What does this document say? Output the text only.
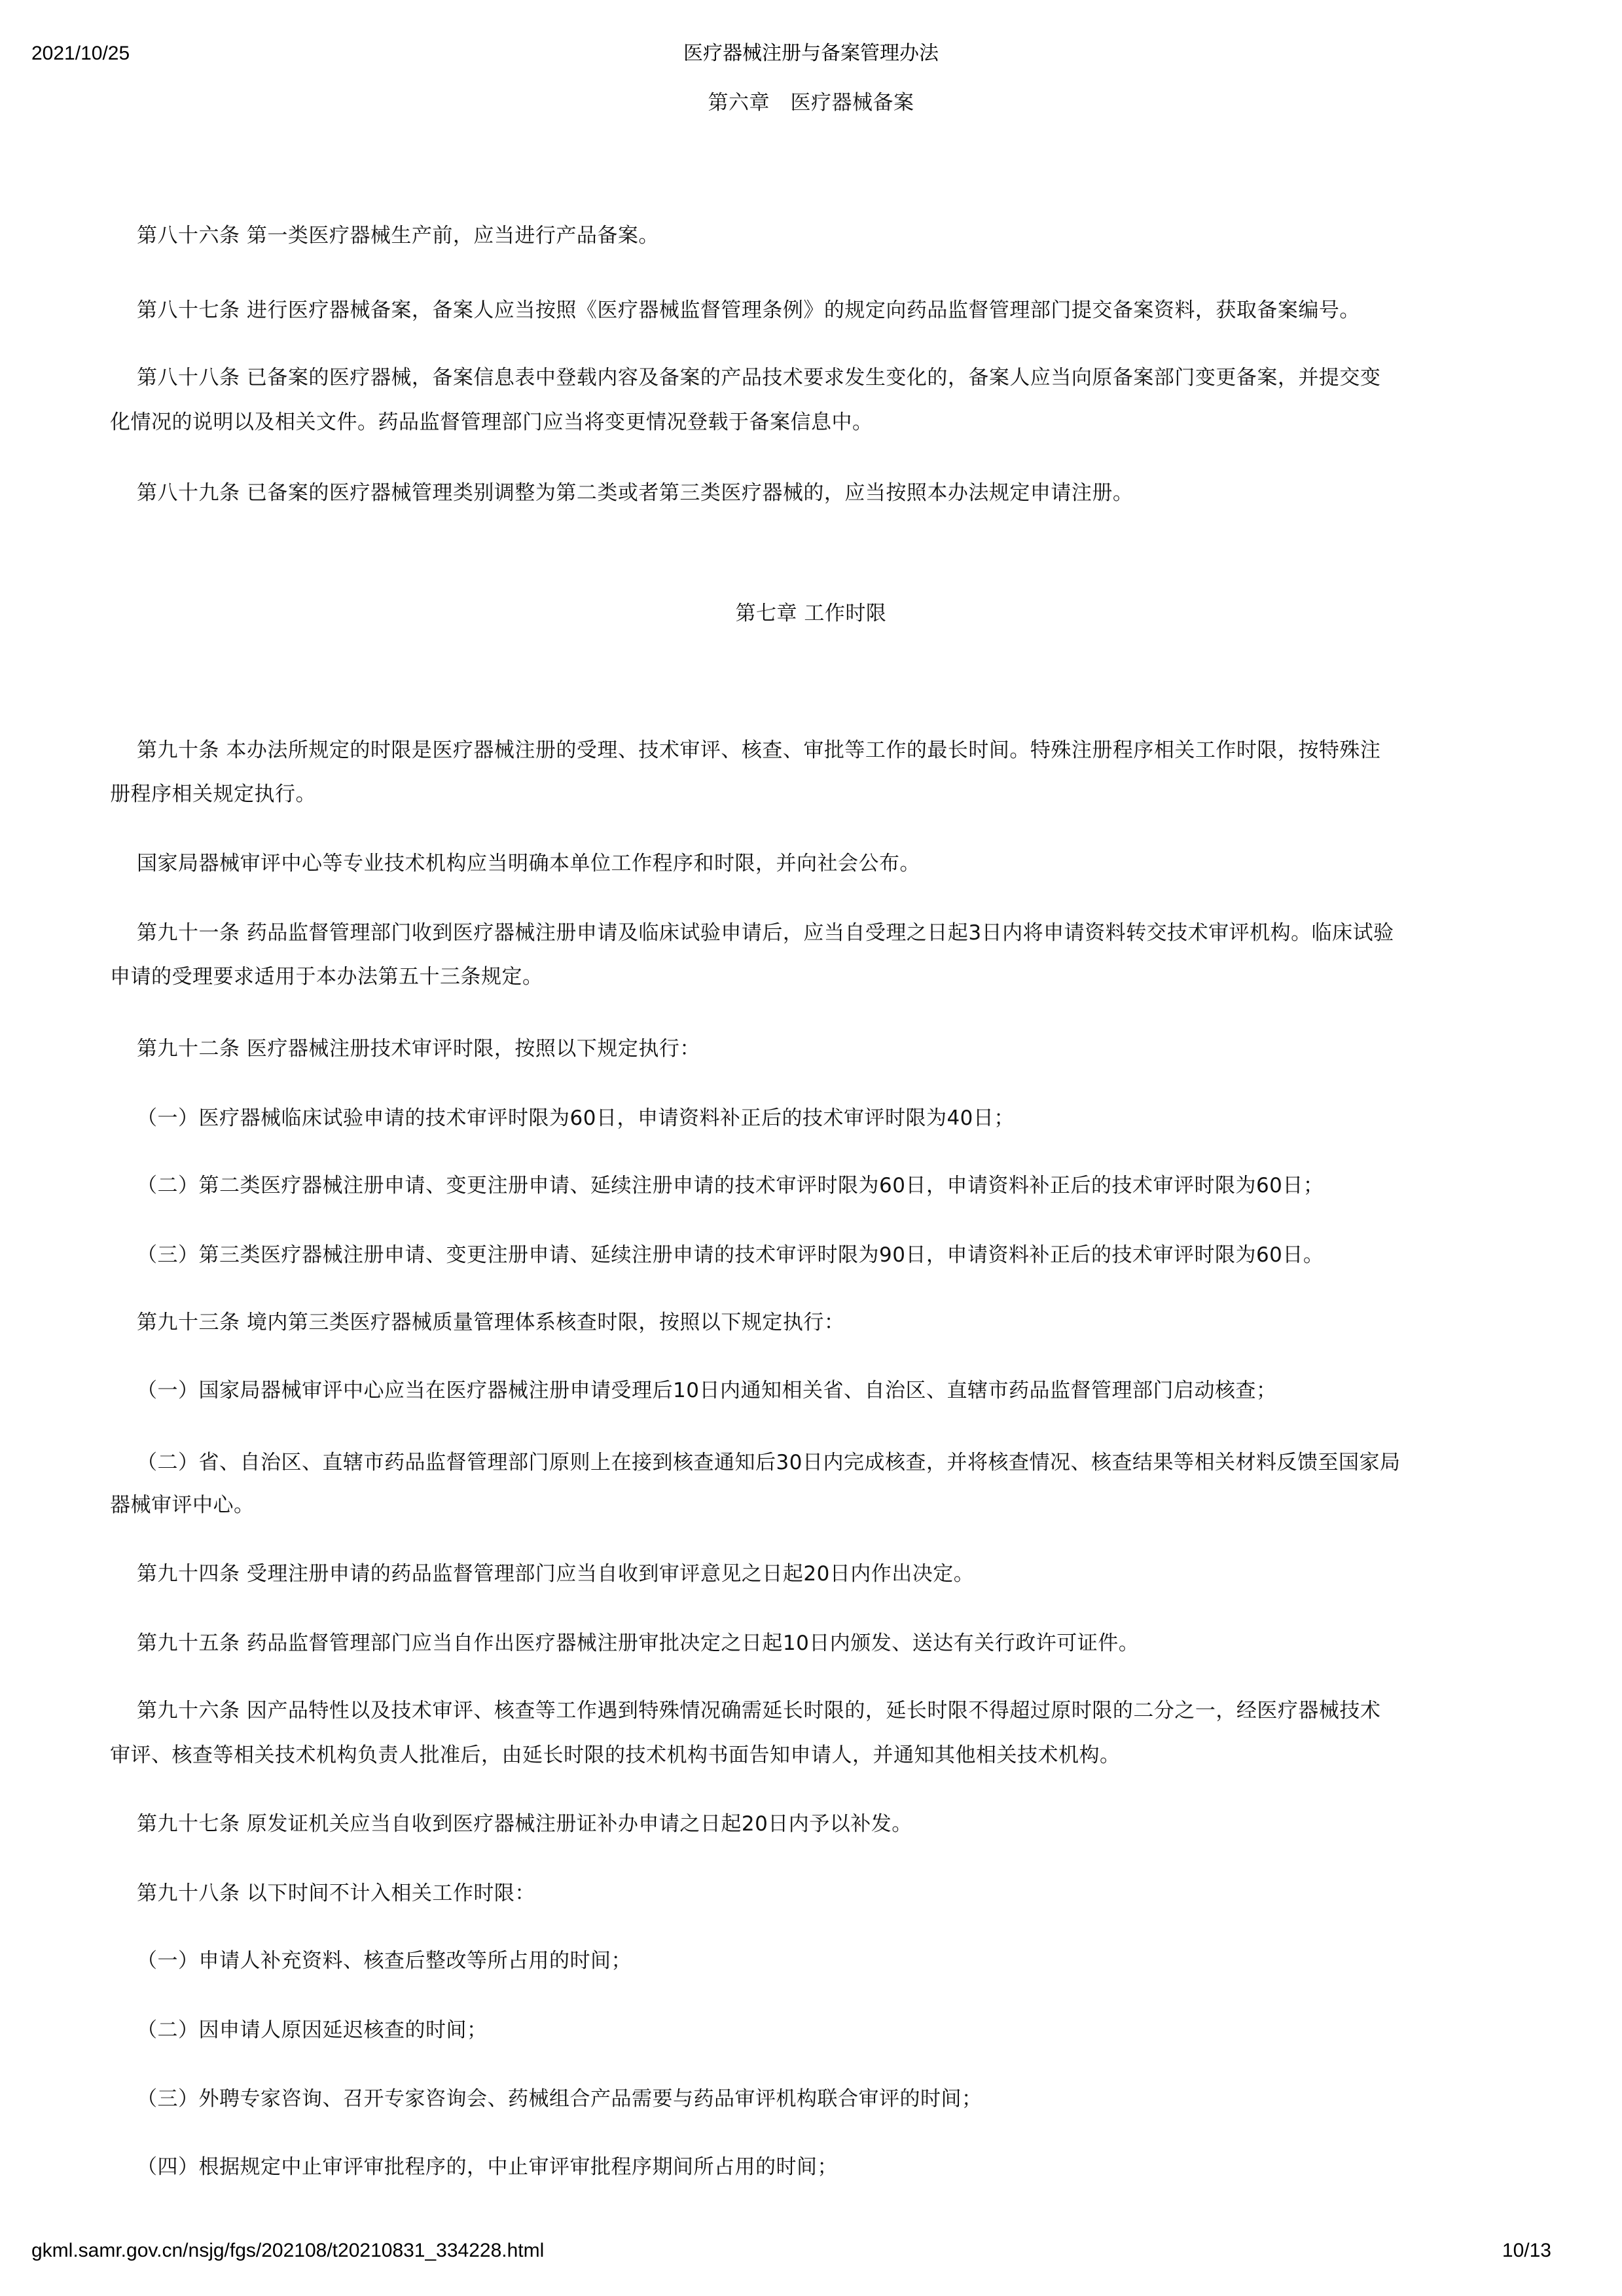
2021/10/25	医疗器械注册与备案管理办法
第六章　医疗器械备案
第八十六条 第一类医疗器械生产前，应当进行产品备案。
第八十七条 进行医疗器械备案，备案人应当按照《医疗器械监督管理条例》的规定向药品监督管理部门提交备案资料，获取备案编号。
第八十八条 已备案的医疗器械，备案信息表中登载内容及备案的产品技术要求发生变化的，备案人应当向原备案部门变更备案，并提交变
化情况的说明以及相关文件。药品监督管理部门应当将变更情况登载于备案信息中。
第八十九条 已备案的医疗器械管理类别调整为第二类或者第三类医疗器械的，应当按照本办法规定申请注册。
第七章 工作时限
第九十条 本办法所规定的时限是医疗器械注册的受理、技术审评、核查、审批等工作的最长时间。特殊注册程序相关工作时限，按特殊注
册程序相关规定执行。
国家局器械审评中心等专业技术机构应当明确本单位工作程序和时限，并向社会公布。
第九十一条 药品监督管理部门收到医疗器械注册申请及临床试验申请后，应当自受理之日起3日内将申请资料转交技术审评机构。临床试验
申请的受理要求适用于本办法第五十三条规定。
第九十二条 医疗器械注册技术审评时限，按照以下规定执行：
（一）医疗器械临床试验申请的技术审评时限为60日，申请资料补正后的技术审评时限为40日；
（二）第二类医疗器械注册申请、变更注册申请、延续注册申请的技术审评时限为60日，申请资料补正后的技术审评时限为60日；
（三）第三类医疗器械注册申请、变更注册申请、延续注册申请的技术审评时限为90日，申请资料补正后的技术审评时限为60日。
第九十三条 境内第三类医疗器械质量管理体系核查时限，按照以下规定执行：
（一）国家局器械审评中心应当在医疗器械注册申请受理后10日内通知相关省、自治区、直辖市药品监督管理部门启动核查；
（二）省、自治区、直辖市药品监督管理部门原则上在接到核查通知后30日内完成核查，并将核查情况、核查结果等相关材料反馈至国家局
器械审评中心。
第九十四条 受理注册申请的药品监督管理部门应当自收到审评意见之日起20日内作出决定。
第九十五条 药品监督管理部门应当自作出医疗器械注册审批决定之日起10日内颁发、送达有关行政许可证件。
第九十六条 因产品特性以及技术审评、核查等工作遇到特殊情况确需延长时限的，延长时限不得超过原时限的二分之一，经医疗器械技术
审评、核查等相关技术机构负责人批准后，由延长时限的技术机构书面告知申请人，并通知其他相关技术机构。
第九十七条 原发证机关应当自收到医疗器械注册证补办申请之日起20日内予以补发。
第九十八条 以下时间不计入相关工作时限：
（一）申请人补充资料、核查后整改等所占用的时间；
（二）因申请人原因延迟核查的时间；
（三）外聘专家咨询、召开专家咨询会、药械组合产品需要与药品审评机构联合审评的时间；
（四）根据规定中止审评审批程序的，中止审评审批程序期间所占用的时间；
gkml.samr.gov.cn/nsjg/fgs/202108/t20210831_334228.html	10/13
